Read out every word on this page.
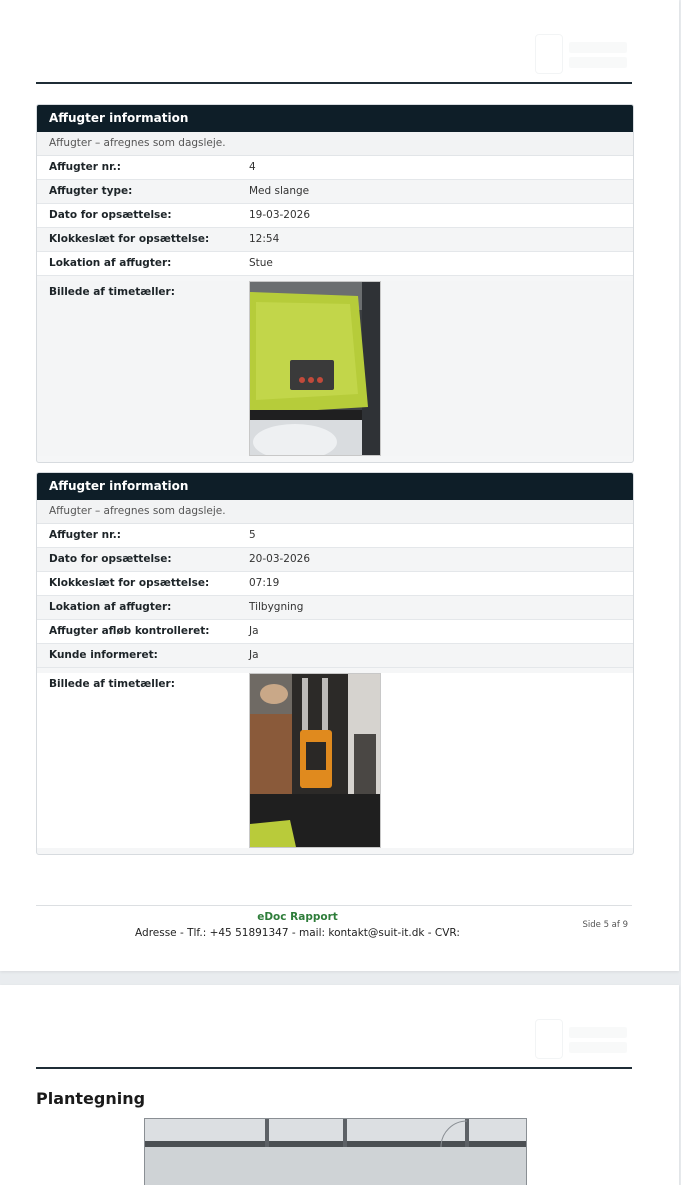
Affugter information
Affugter – afregnes som dagsleje.
Affugter nr.:	4
Affugter type:	Med slange
Dato for opsættelse:	19-03-2026
Klokkeslæt for opsættelse:	12:54
Lokation af affugter:	Stue
Billede af timetæller:
Affugter information
Affugter – afregnes som dagsleje.
Affugter nr.:	5
Dato for opsættelse:	20-03-2026
Klokkeslæt for opsættelse:	07:19
Lokation af affugter:	Tilbygning
Affugter afløb kontrolleret:	Ja
Kunde informeret:	Ja
Billede af timetæller:
eDoc Rapport
Adresse - Tlf.: +45 51891347 - mail: kontakt@suit-it.dk - CVR:
Side 5 af 9
Plantegning
